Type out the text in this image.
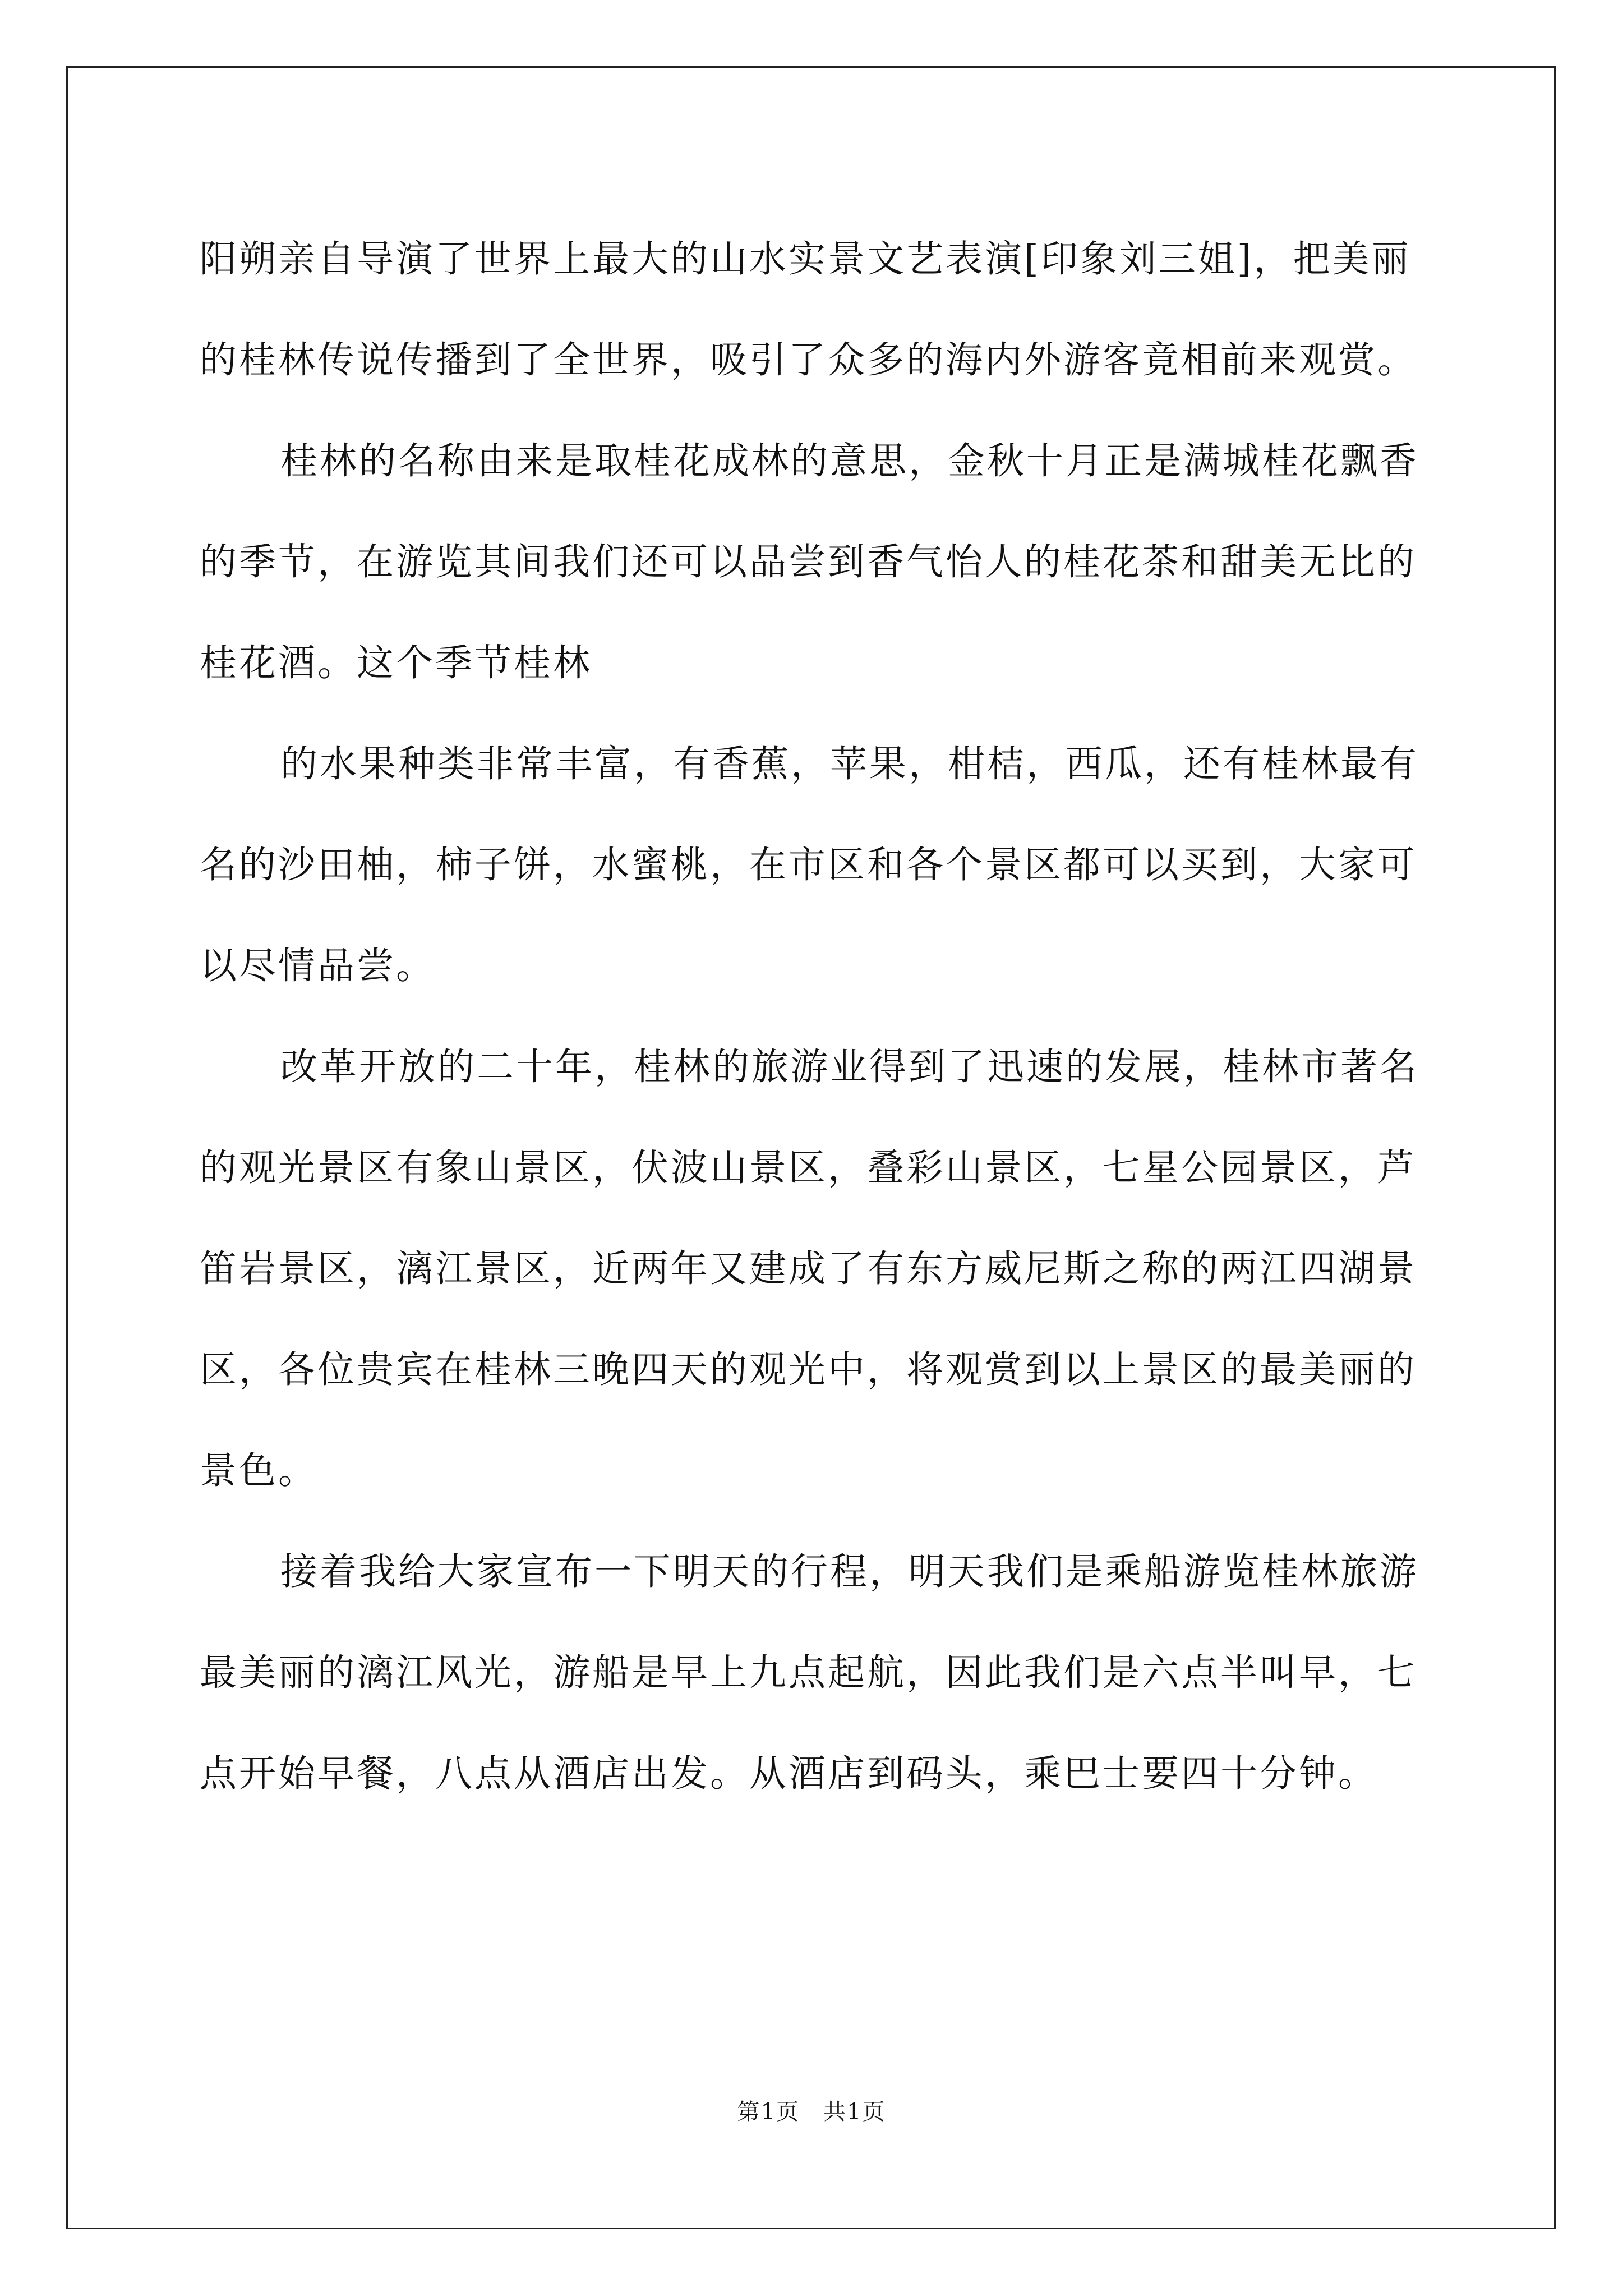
阳朔亲自导演了世界上最大的山水实景文艺表演[印象刘三姐]，把美丽的桂林传说传播到了全世界，吸引了众多的海内外游客竟相前来观赏。

桂林的名称由来是取桂花成林的意思，金秋十月正是满城桂花飘香的季节，在游览其间我们还可以品尝到香气怡人的桂花茶和甜美无比的桂花酒。这个季节桂林

的水果种类非常丰富，有香蕉，苹果，柑桔，西瓜，还有桂林最有名的沙田柚，柿子饼，水蜜桃，在市区和各个景区都可以买到，大家可以尽情品尝。

改革开放的二十年，桂林的旅游业得到了迅速的发展，桂林市著名的观光景区有象山景区，伏波山景区，叠彩山景区，七星公园景区，芦笛岩景区，漓江景区，近两年又建成了有东方威尼斯之称的两江四湖景区，各位贵宾在桂林三晚四天的观光中，将观赏到以上景区的最美丽的景色。

接着我给大家宣布一下明天的行程，明天我们是乘船游览桂林旅游最美丽的漓江风光，游船是早上九点起航，因此我们是六点半叫早，七点开始早餐，八点从酒店出发。从酒店到码头，乘巴士要四十分钟。

第1页　共1页
